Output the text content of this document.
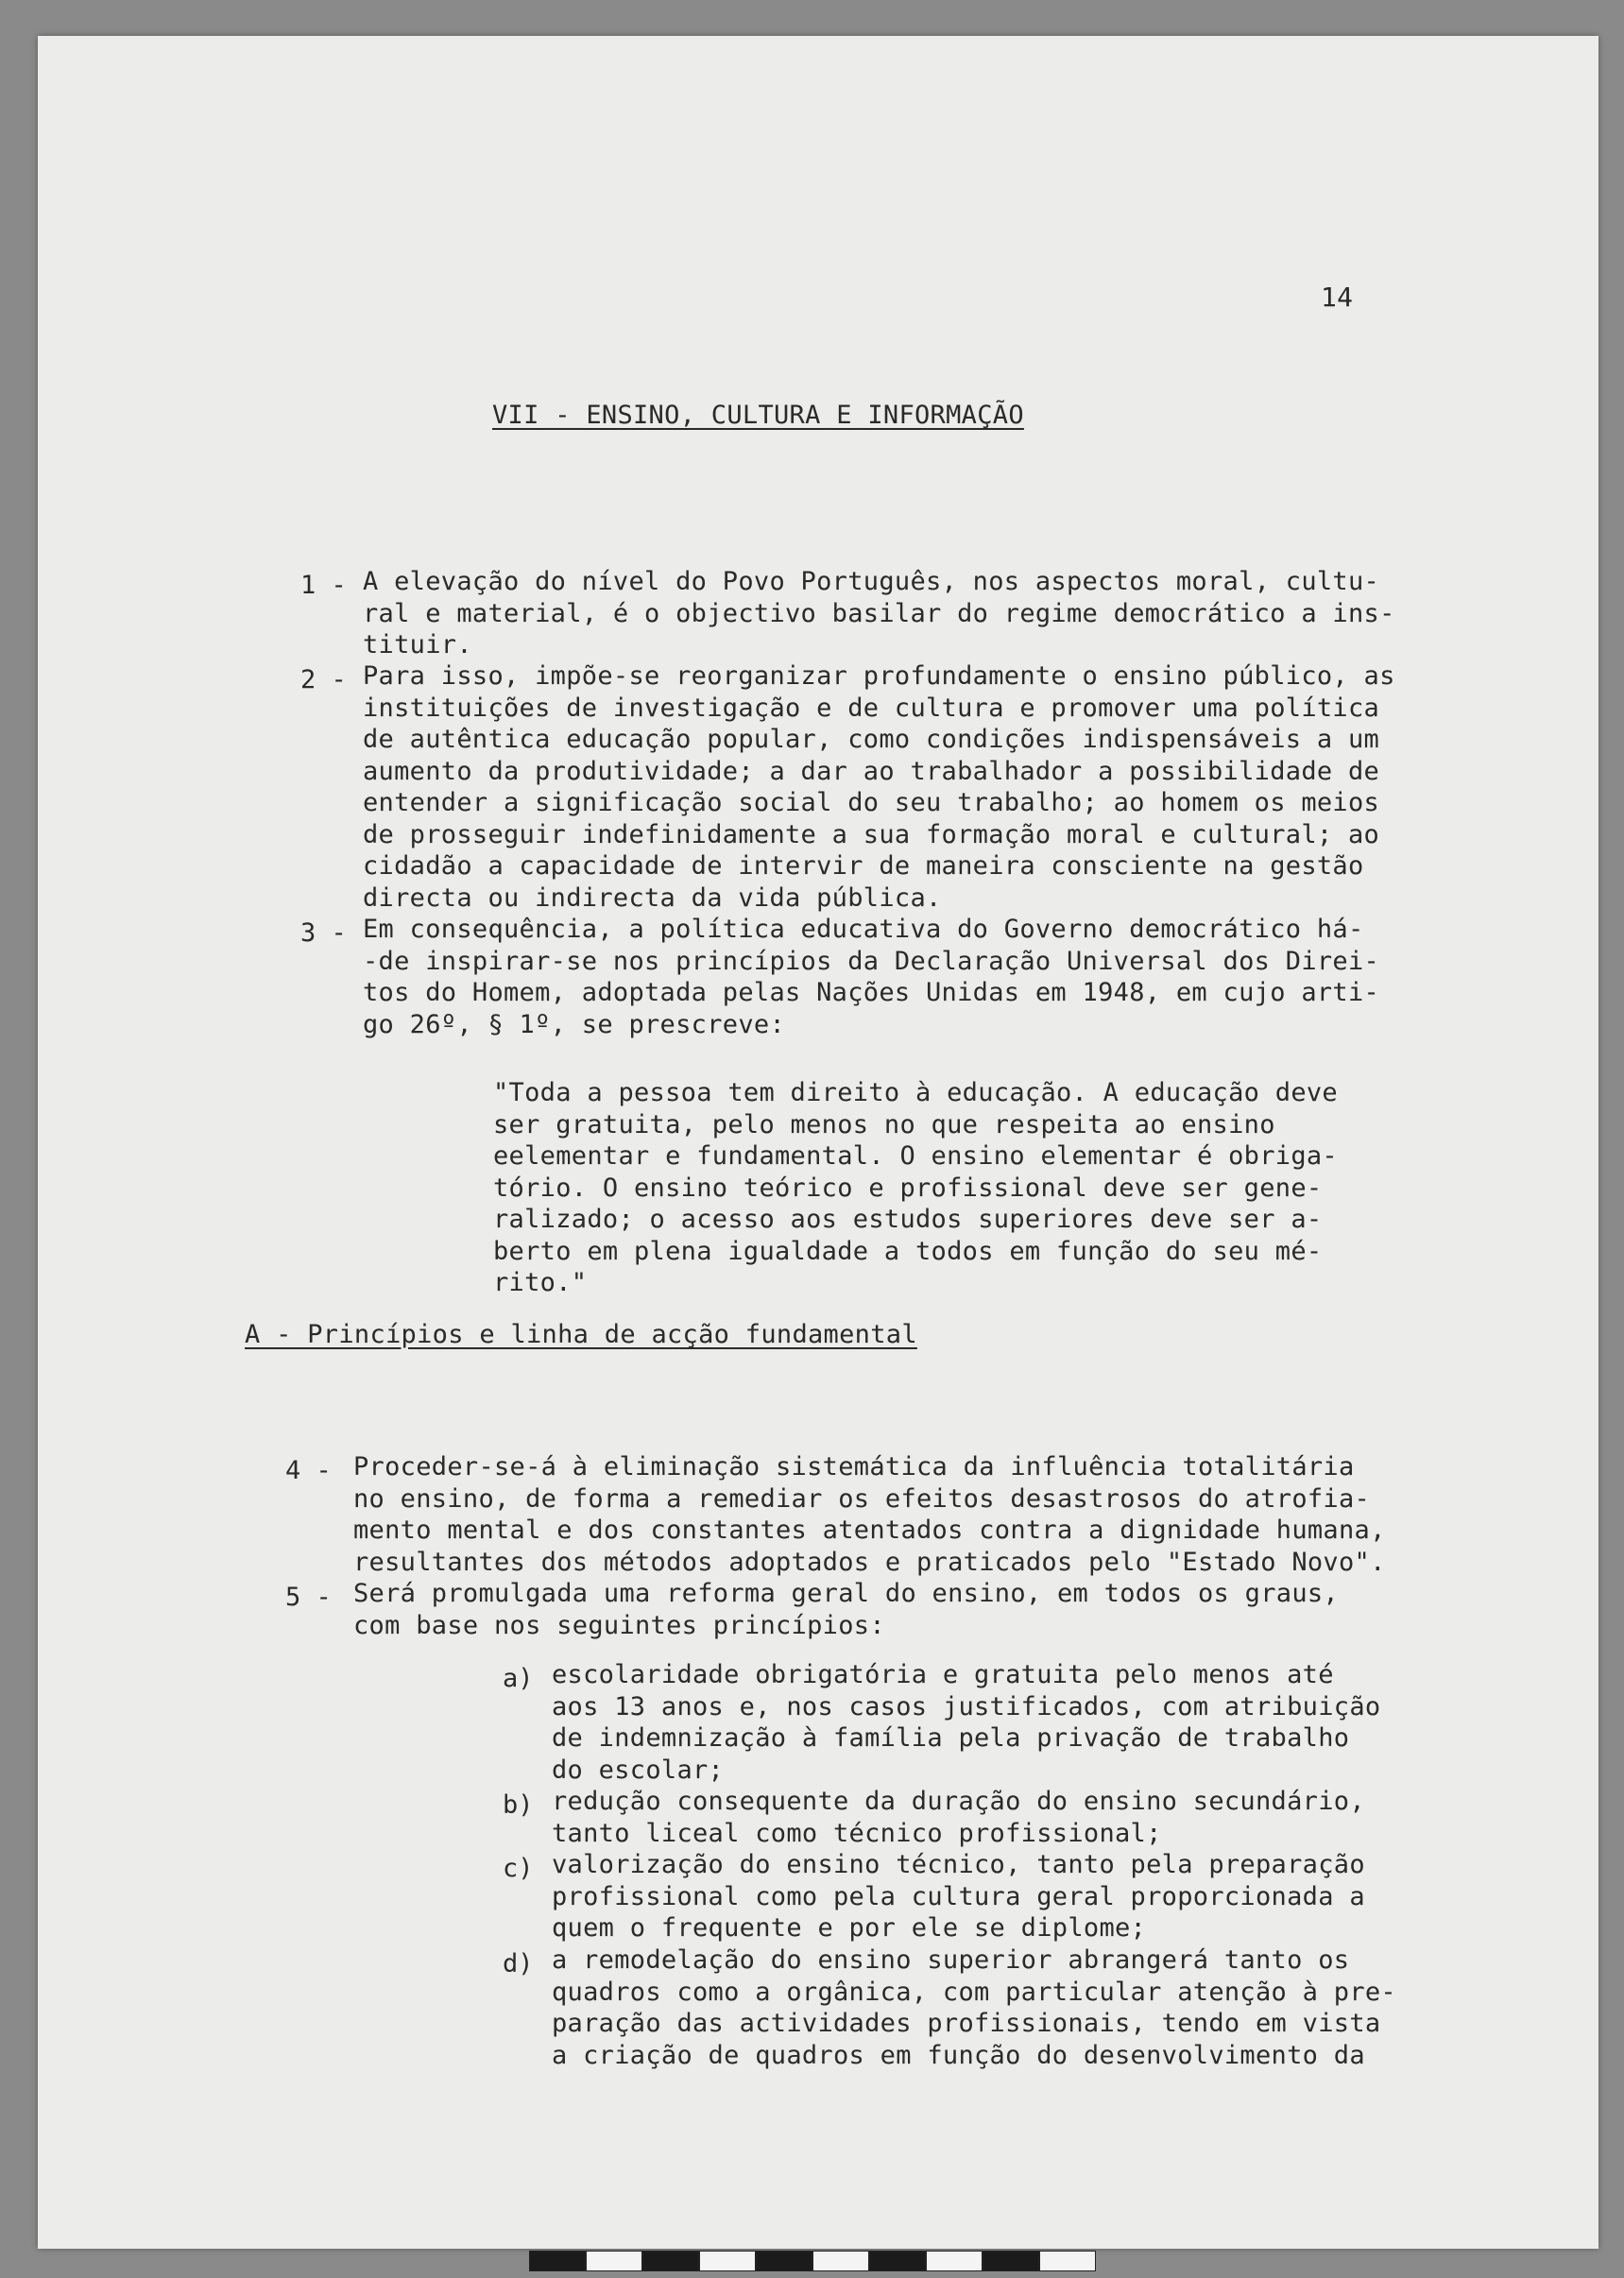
14
VII - ENSINO, CULTURA E INFORMAÇÃO
1 - A elevação do nível do Povo Português, nos aspectos moral, cultu-
ral e material, é o objectivo basilar do regime democrático a ins-
tituir.
2 - Para isso, impõe-se reorganizar profundamente o ensino público, as
instituições de investigação e de cultura e promover uma política
de autêntica educação popular, como condições indispensáveis a um
aumento da produtividade; a dar ao trabalhador a possibilidade de
entender a significação social do seu trabalho; ao homem os meios
de prosseguir indefinidamente a sua formação moral e cultural; ao
cidadão a capacidade de intervir de maneira consciente na gestão
directa ou indirecta da vida pública.
3 - Em consequência, a política educativa do Governo democrático há-
-de inspirar-se nos princípios da Declaração Universal dos Direi-
tos do Homem, adoptada pelas Nações Unidas em 1948, em cujo arti-
go 26º, § 1º, se prescreve:
"Toda a pessoa tem direito à educação. A educação deve
ser gratuita, pelo menos no que respeita ao ensino
eelementar e fundamental. O ensino elementar é obriga-
tório. O ensino teórico e profissional deve ser gene-
ralizado; o acesso aos estudos superiores deve ser a-
berto em plena igualdade a todos em função do seu mé-
rito."
A - Princípios e linha de acção fundamental
4 - Proceder-se-á à eliminação sistemática da influência totalitária
no ensino, de forma a remediar os efeitos desastrosos do atrofia-
mento mental e dos constantes atentados contra a dignidade humana,
resultantes dos métodos adoptados e praticados pelo "Estado Novo".
5 - Será promulgada uma reforma geral do ensino, em todos os graus,
com base nos seguintes princípios:
a) escolaridade obrigatória e gratuita pelo menos até
aos 13 anos e, nos casos justificados, com atribuição
de indemnização à família pela privação de trabalho
do escolar;
b) redução consequente da duração do ensino secundário,
tanto liceal como técnico profissional;
c) valorização do ensino técnico, tanto pela preparação
profissional como pela cultura geral proporcionada a
quem o frequente e por ele se diplome;
d) a remodelação do ensino superior abrangerá tanto os
quadros como a orgânica, com particular atenção à pre-
paração das actividades profissionais, tendo em vista
a criação de quadros em função do desenvolvimento da
